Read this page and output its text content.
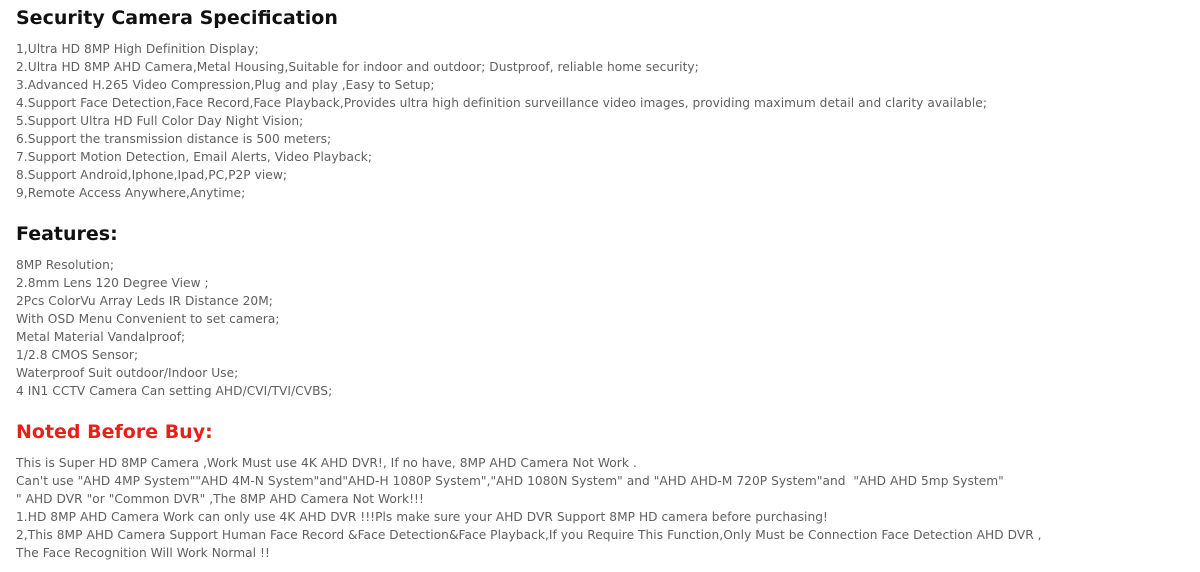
Security Camera Specification
1,Ultra HD 8MP High Definition Display;
2.Ultra HD 8MP AHD Camera,Metal Housing,Suitable for indoor and outdoor; Dustproof, reliable home security;
3.Advanced H.265 Video Compression,Plug and play ,Easy to Setup;
4.Support Face Detection,Face Record,Face Playback,Provides ultra high definition surveillance video images, providing maximum detail and clarity available;
5.Support Ultra HD Full Color Day Night Vision;
6.Support the transmission distance is 500 meters;
7.Support Motion Detection, Email Alerts, Video Playback;
8.Support Android,Iphone,Ipad,PC,P2P view;
9,Remote Access Anywhere,Anytime;
Features:
8MP Resolution;
2.8mm Lens 120 Degree View ;
2Pcs ColorVu Array Leds IR Distance 20M;
With OSD Menu Convenient to set camera;
Metal Material Vandalproof;
1/2.8 CMOS Sensor;
Waterproof Suit outdoor/Indoor Use;
4 IN1 CCTV Camera Can setting AHD/CVI/TVI/CVBS;
Noted Before Buy:
This is Super HD 8MP Camera ,Work Must use 4K AHD DVR!, If no have, 8MP AHD Camera Not Work .
Can't use "AHD 4MP System""AHD 4M-N System"and"AHD-H 1080P System","AHD 1080N System" and "AHD AHD-M 720P System"and  "AHD AHD 5mp System"
" AHD DVR "or "Common DVR" ,The 8MP AHD Camera Not Work!!!
1.HD 8MP AHD Camera Work can only use 4K AHD DVR !!!Pls make sure your AHD DVR Support 8MP HD camera before purchasing!
2,This 8MP AHD Camera Support Human Face Record &Face Detection&Face Playback,If you Require This Function,Only Must be Connection Face Detection AHD DVR ,
The Face Recognition Will Work Normal !!
